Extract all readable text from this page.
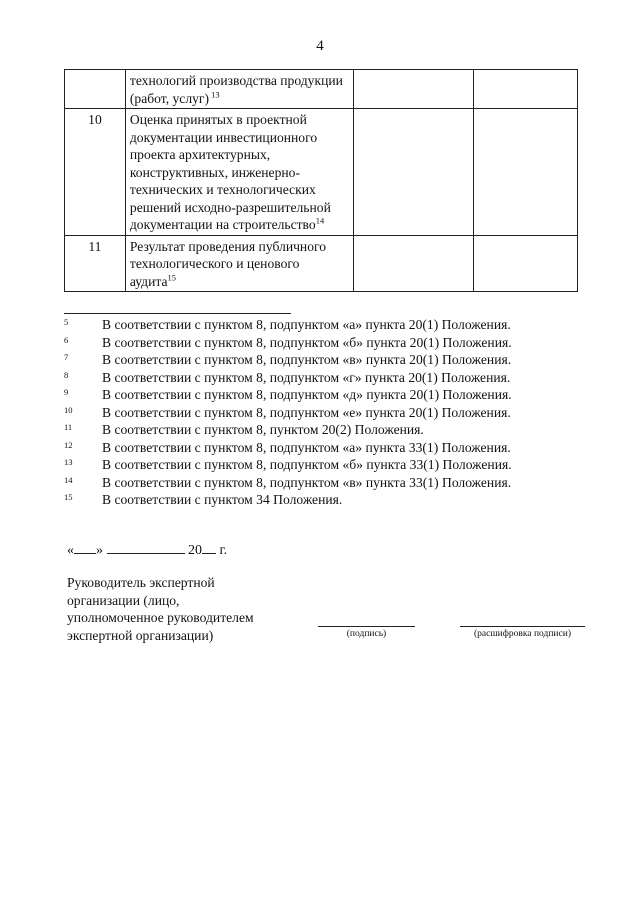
4
	технологий производства продукции (работ, услуг) $^{13}$		
10	Оценка принятых в проектной документации инвестиционного проекта архитектурных, конструктивных, инженерно-технических и технологических решений исходно-разрешительной документации на строительство$^{14}$		
11	Результат проведения публичного технологического и ценового аудита$^{15}$		
5	В соответствии с пунктом 8, подпунктом «а» пункта 20(1) Положения.
6	В соответствии с пунктом 8, подпунктом «б» пункта 20(1) Положения.
7	В соответствии с пунктом 8, подпунктом «в» пункта 20(1) Положения.
8	В соответствии с пунктом 8, подпунктом «г» пункта 20(1) Положения.
9	В соответствии с пунктом 8, подпунктом «д» пункта 20(1) Положения.
10	В соответствии с пунктом 8, подпунктом «е» пункта 20(1) Положения.
11	В соответствии с пунктом 8, пунктом 20(2) Положения.
12	В соответствии с пунктом 8, подпунктом «а» пункта 33(1) Положения.
13	В соответствии с пунктом 8, подпунктом «б» пункта 33(1) Положения.
14	В соответствии с пунктом 8, подпунктом «в» пункта 33(1) Положения.
15	В соответствии с пунктом 34 Положения.
« »	20 г.
Руководитель экспертной
организации (лицо,
уполномоченное руководителем
экспертной организации)	(подпись)	(расшифровка подписи)
